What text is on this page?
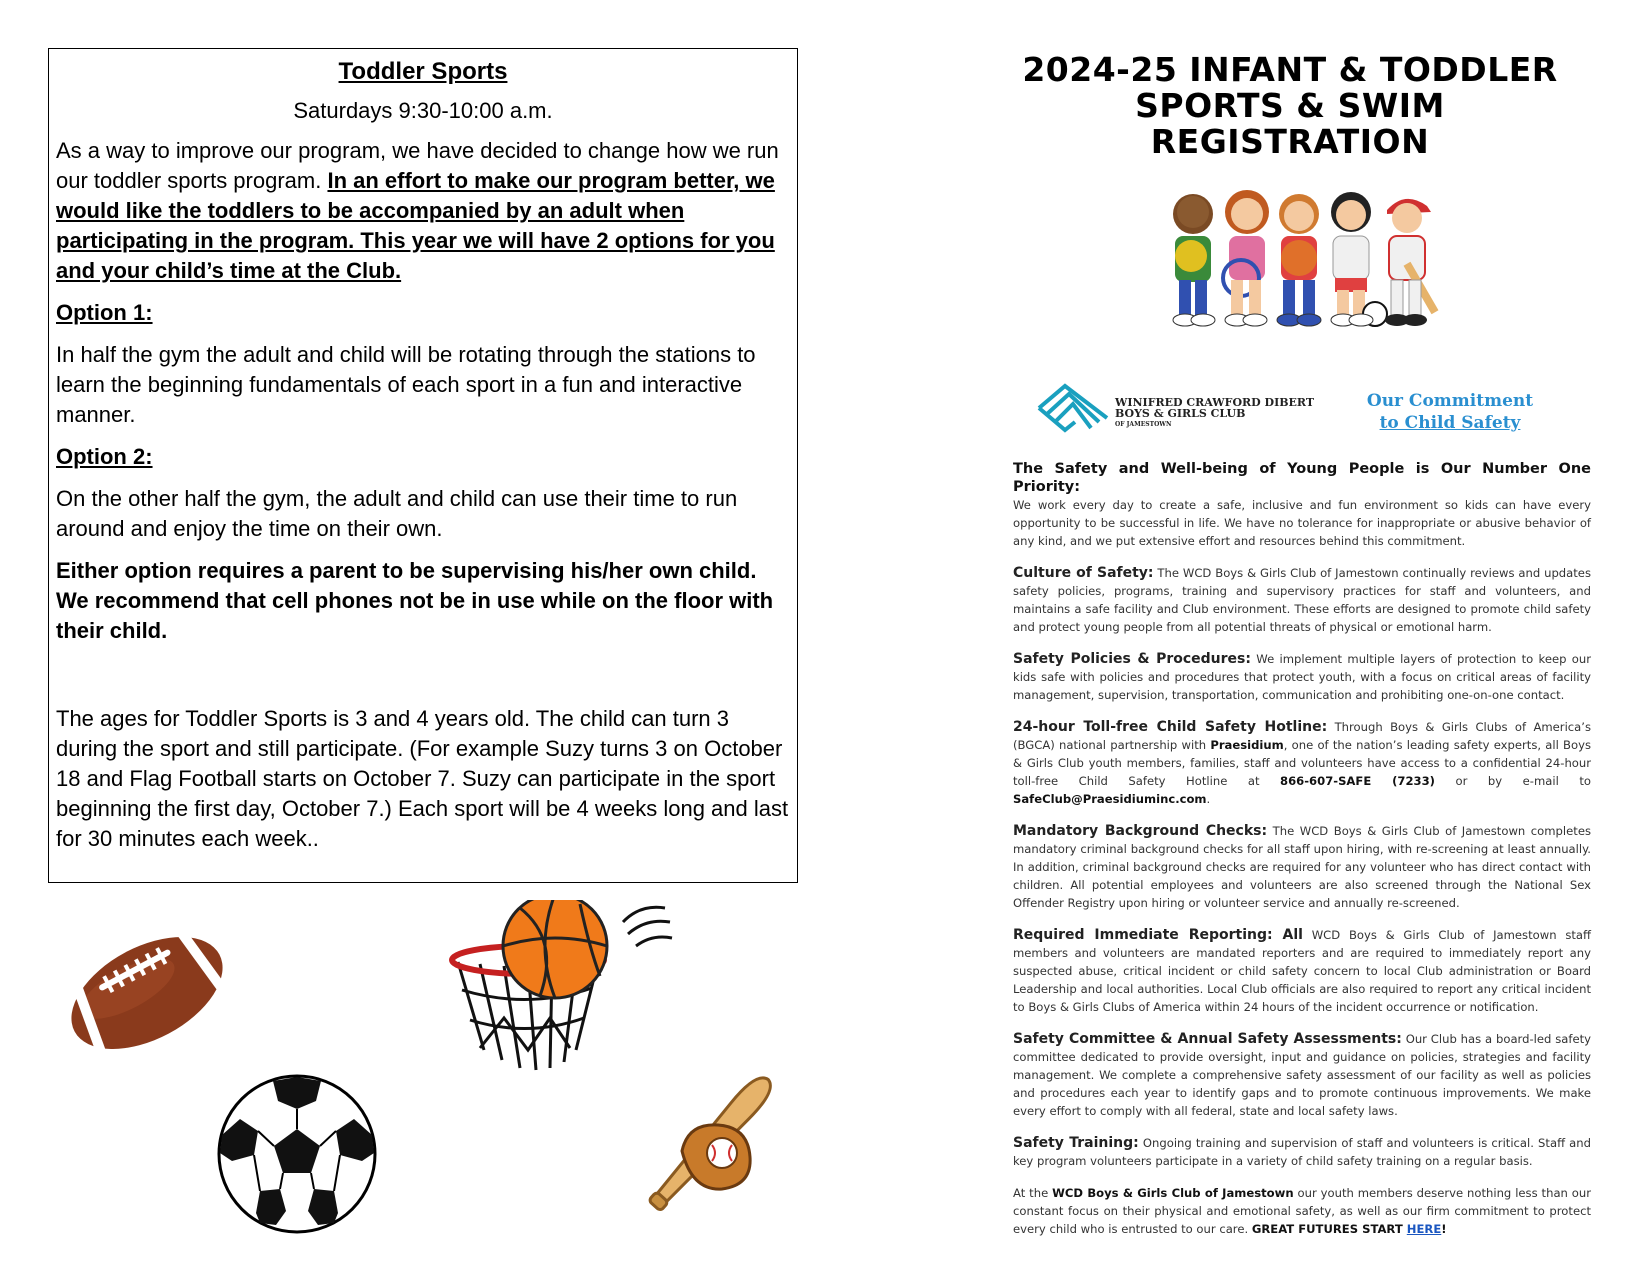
Toddler Sports

Saturdays 9:30-10:00 a.m.

As a way to improve our program, we have decided to change how we run our toddler sports program. In an effort to make our program better, we would like the toddlers to be accompanied by an adult when participating in the program. This year we will have 2 options for you and your child’s time at the Club.

Option 1:

In half the gym the adult and child will be rotating through the stations to learn the beginning fundamentals of each sport in a fun and interactive manner.

Option 2:

On the other half the gym, the adult and child can use their time to run around and enjoy the time on their own.

Either option requires a parent to be supervising his/her own child. We recommend that cell phones not be in use while on the floor with their child.

The ages for Toddler Sports is 3 and 4 years old. The child can turn 3 during the sport and still participate. (For example Suzy turns 3 on October 18 and Flag Football starts on October 7. Suzy can participate in the sport beginning the first day, October 7.) Each sport will be 4 weeks long and last for 30 minutes each week..

2024-25 INFANT & TODDLER
SPORTS & SWIM
REGISTRATION
WINIFRED CRAWFORD DIBERT
BOYS & GIRLS CLUB
OF JAMESTOWN
Our Commitment
to Child Safety
The Safety and Well-being of Young People is Our Number One Priority:
We work every day to create a safe, inclusive and fun environment so kids can have every opportunity to be successful in life. We have no tolerance for inappropriate or abusive behavior of any kind, and we put extensive effort and resources behind this commitment.
Culture of Safety: The WCD Boys & Girls Club of Jamestown continually reviews and updates safety policies, programs, training and supervisory practices for staff and volunteers, and maintains a safe facility and Club environment. These efforts are designed to promote child safety and protect young people from all potential threats of physical or emotional harm.
Safety Policies & Procedures: We implement multiple layers of protection to keep our kids safe with policies and procedures that protect youth, with a focus on critical areas of facility management, supervision, transportation, communication and prohibiting one-on-one contact.
24-hour Toll-free Child Safety Hotline: Through Boys & Girls Clubs of America’s (BGCA) national partnership with Praesidium, one of the nation’s leading safety experts, all Boys & Girls Club youth members, families, staff and volunteers have access to a confidential 24-hour toll-free Child Safety Hotline at 866-607-SAFE (7233) or by e-mail to SafeClub@Praesidiuminc.com.
Mandatory Background Checks: The WCD Boys & Girls Club of Jamestown completes mandatory criminal background checks for all staff upon hiring, with re-screening at least annually. In addition, criminal background checks are required for any volunteer who has direct contact with children. All potential employees and volunteers are also screened through the National Sex Offender Registry upon hiring or volunteer service and annually re-screened.
Required Immediate Reporting: All WCD Boys & Girls Club of Jamestown staff members and volunteers are mandated reporters and are required to immediately report any suspected abuse, critical incident or child safety concern to local Club administration or Board Leadership and local authorities. Local Club officials are also required to report any critical incident to Boys & Girls Clubs of America within 24 hours of the incident occurrence or notification.
Safety Committee & Annual Safety Assessments: Our Club has a board-led safety committee dedicated to provide oversight, input and guidance on policies, strategies and facility management. We complete a comprehensive safety assessment of our facility as well as policies and procedures each year to identify gaps and to promote continuous improvements. We make every effort to comply with all federal, state and local safety laws.
Safety Training: Ongoing training and supervision of staff and volunteers is critical. Staff and key program volunteers participate in a variety of child safety training on a regular basis.
At the WCD Boys & Girls Club of Jamestown our youth members deserve nothing less than our constant focus on their physical and emotional safety, as well as our firm commitment to protect every child who is entrusted to our care. GREAT FUTURES START HERE!
